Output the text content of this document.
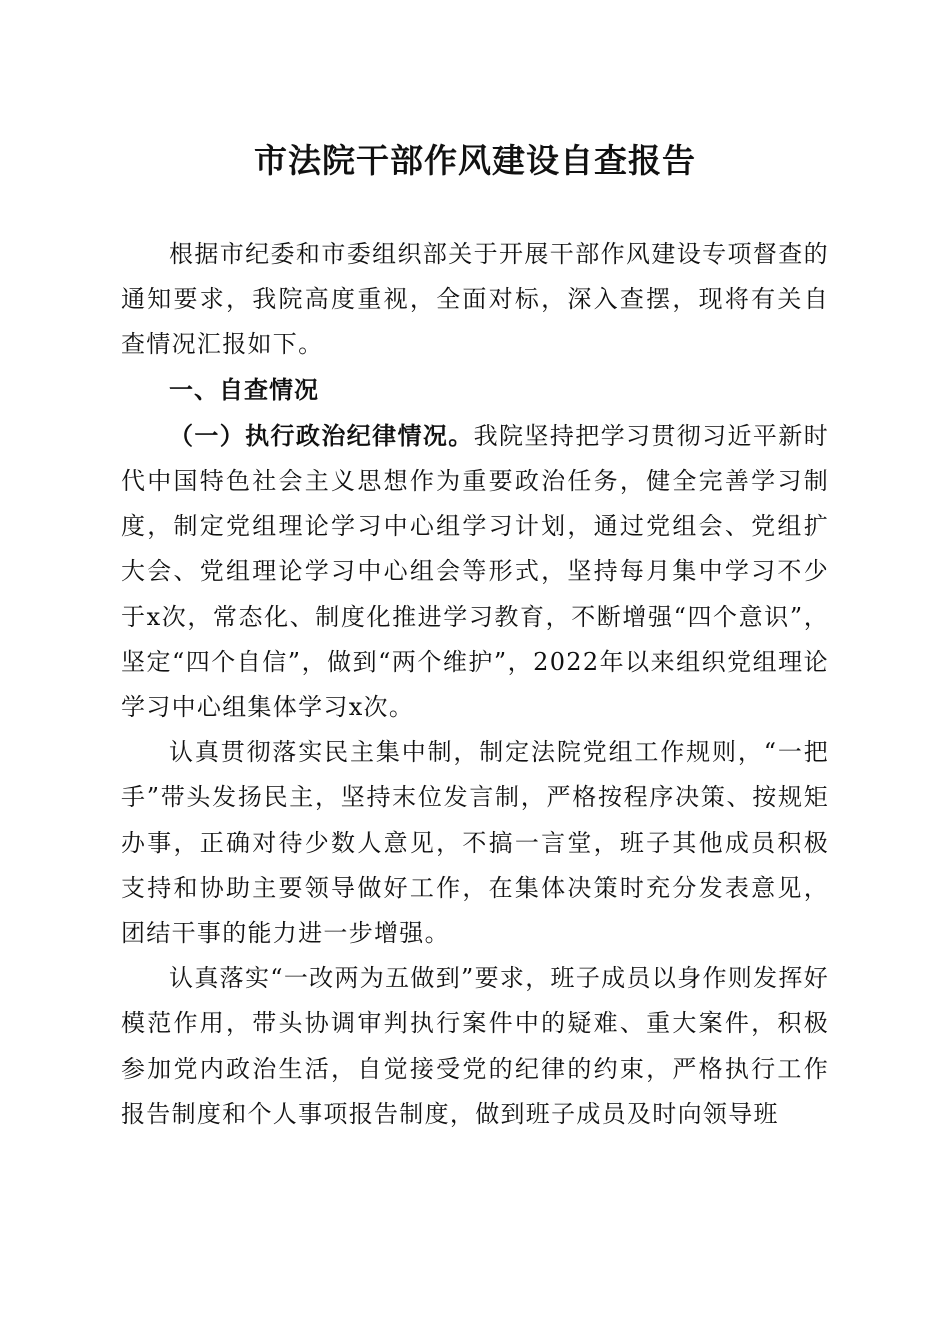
市法院干部作风建设自查报告

根据市纪委和市委组织部关于开展干部作风建设专项督查的通知要求，我院高度重视，全面对标，深入查摆，现将有关自查情况汇报如下。

一、自查情况

（一）执行政治纪律情况。我院坚持把学习贯彻习近平新时代中国特色社会主义思想作为重要政治任务，健全完善学习制度，制定党组理论学习中心组学习计划，通过党组会、党组扩大会、党组理论学习中心组会等形式，坚持每月集中学习不少于x次，常态化、制度化推进学习教育，不断增强“四个意识”，坚定“四个自信”，做到“两个维护”，2022年以来组织党组理论学习中心组集体学习x次。

认真贯彻落实民主集中制，制定法院党组工作规则，“一把手”带头发扬民主，坚持末位发言制，严格按程序决策、按规矩办事，正确对待少数人意见，不搞一言堂，班子其他成员积极支持和协助主要领导做好工作，在集体决策时充分发表意见，团结干事的能力进一步增强。

认真落实“一改两为五做到”要求，班子成员以身作则发挥好模范作用，带头协调审判执行案件中的疑难、重大案件，积极参加党内政治生活，自觉接受党的纪律的约束，严格执行工作报告制度和个人事项报告制度，做到班子成员及时向领导班
